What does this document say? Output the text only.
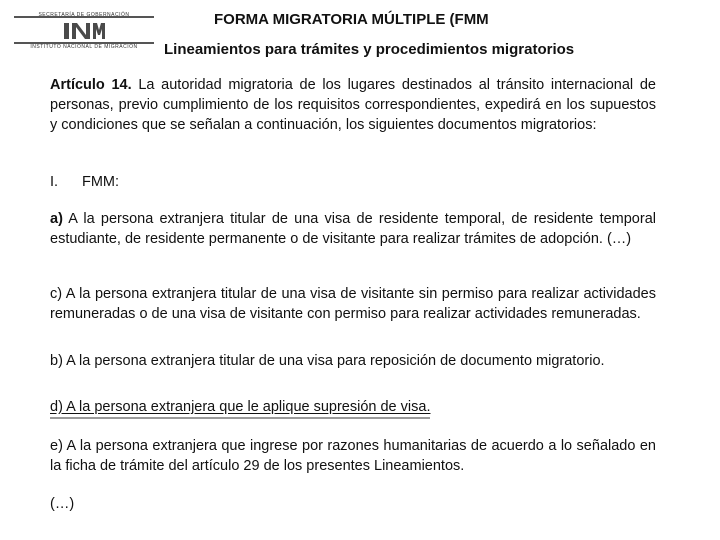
SECRETARÍA DE GOBERNACIÓN
INM
INSTITUTO NACIONAL DE MIGRACIÓN
FORMA MIGRATORIA MÚLTIPLE (FMM
Lineamientos para trámites y procedimientos migratorios
Artículo 14. La autoridad migratoria de los lugares destinados al tránsito internacional de personas, previo cumplimiento de los requisitos correspondientes, expedirá en los supuestos y condiciones que se señalan a continuación, los siguientes documentos migratorios:
I. FMM:
a) A la persona extranjera titular de una visa de residente temporal, de residente temporal estudiante, de residente permanente o de visitante para realizar trámites de adopción. (…)
c) A la persona extranjera titular de una visa de visitante sin permiso para realizar actividades remuneradas o de una visa de visitante con permiso para realizar actividades remuneradas.
b) A la persona extranjera titular de una visa para reposición de documento migratorio.
d) A la persona extranjera que le aplique supresión de visa.
e) A la persona extranjera que ingrese por razones humanitarias de acuerdo a lo señalado en la ficha de trámite del artículo 29 de los presentes Lineamientos.
(…)
